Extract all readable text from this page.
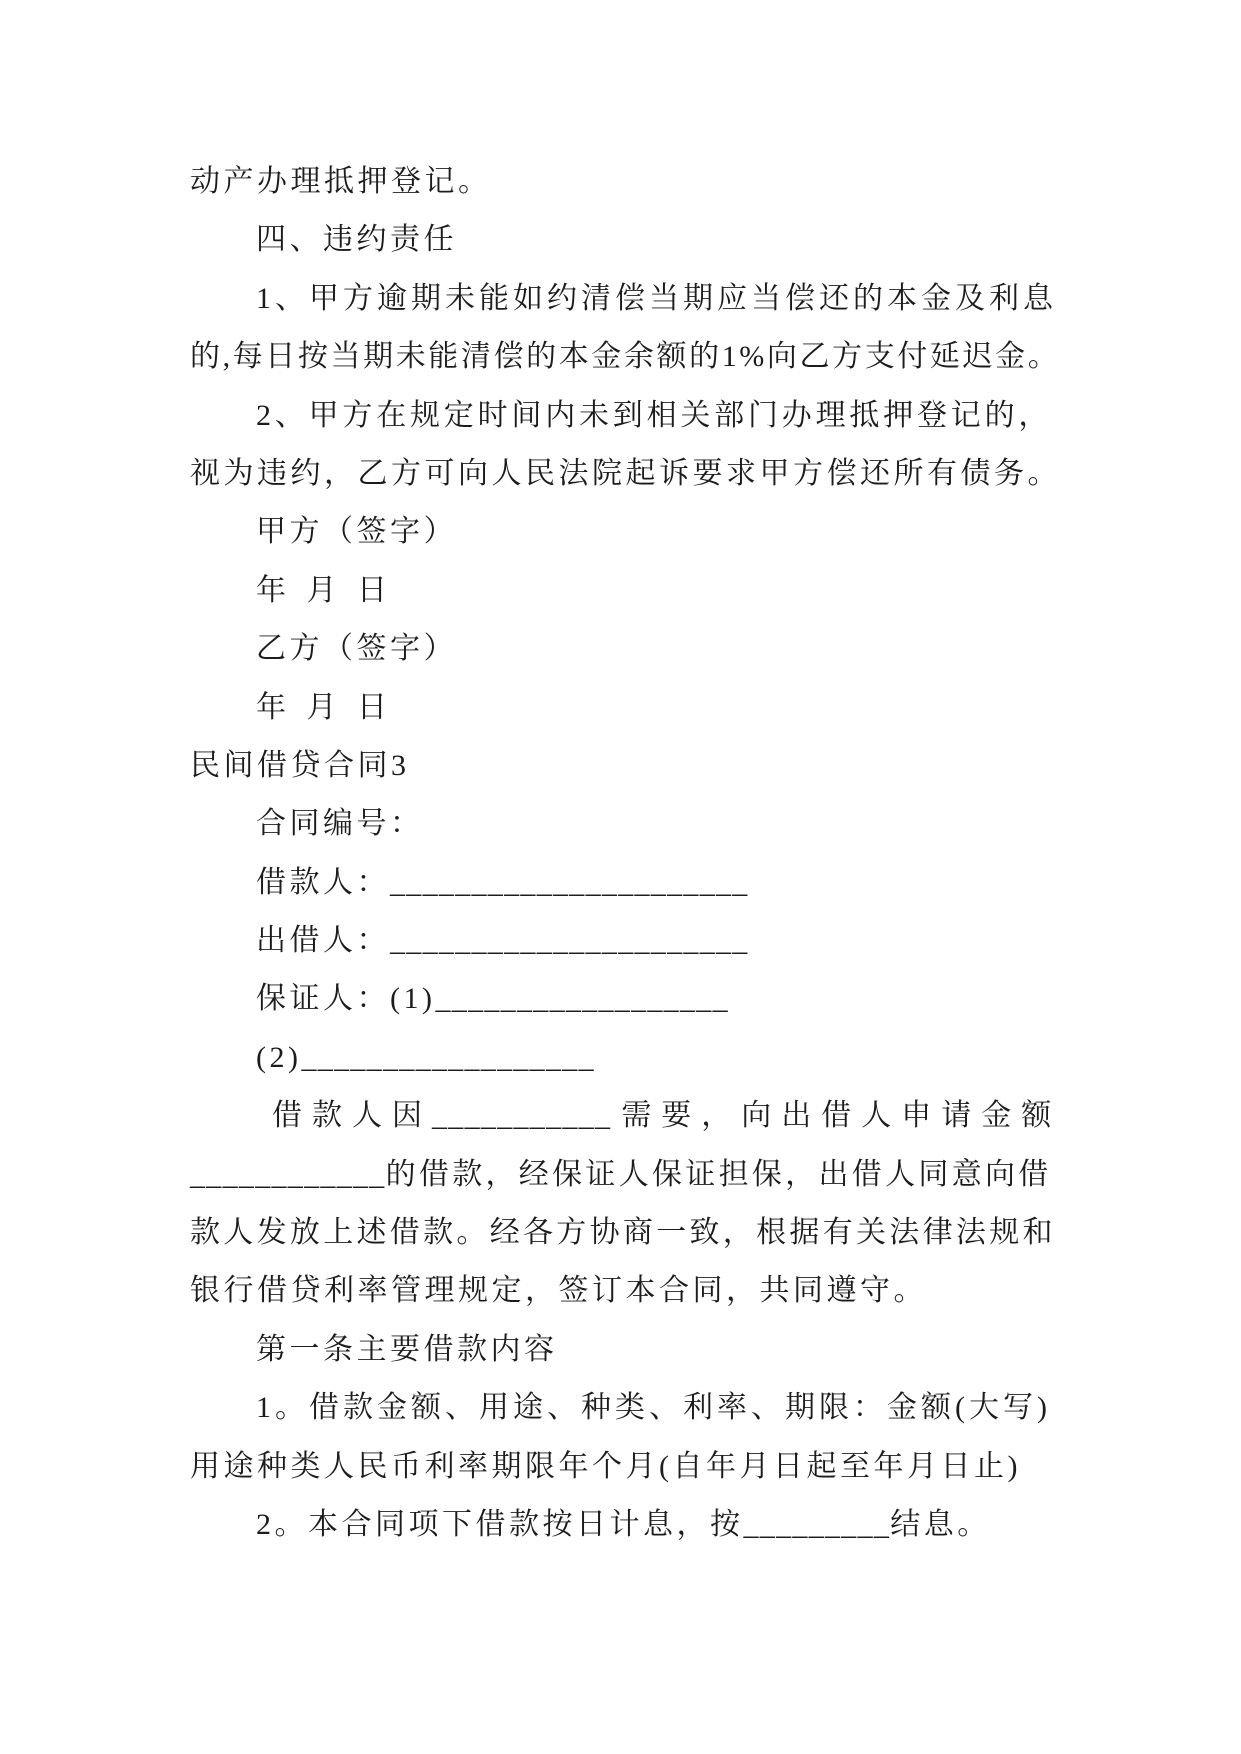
动产办理抵押登记。
四、违约责任
1、甲方逾期未能如约清偿当期应当偿还的本金及利息
的,每日按当期未能清偿的本金余额的1%向乙方支付延迟金。
2、甲方在规定时间内未到相关部门办理抵押登记的，
视为违约，乙方可向人民法院起诉要求甲方偿还所有债务。
甲方（签字）
年 月 日
乙方（签字）
年 月 日
民间借贷合同3
合同编号：
借款人：______________________
出借人：______________________
保证人：(1)__________________
(2)__________________
借款人因___________ 需要，向出借人申请金额
____________的借款，经保证人保证担保，出借人同意向借
款人发放上述借款。经各方协商一致，根据有关法律法规和
银行借贷利率管理规定，签订本合同，共同遵守。
第一条主要借款内容
1。借款金额、用途、种类、利率、期限：金额(大写)
用途种类人民币利率期限年个月(自年月日起至年月日止)
2。本合同项下借款按日计息，按_________结息。
